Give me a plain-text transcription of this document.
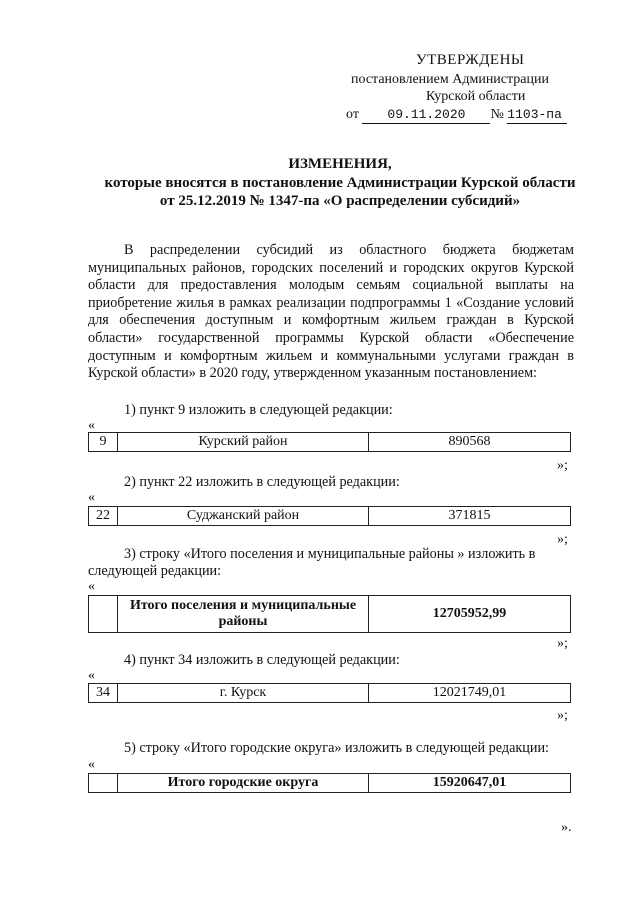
УТВЕРЖДЕНЫ
постановлением Администрации
Курской области
от 09.11.2020 № 1103-па
ИЗМЕНЕНИЯ,
которые вносятся в постановление Администрации Курской области
от 25.12.2019 № 1347-па «О распределении субсидий»
В распределении субсидий из областного бюджета бюджетам муниципальных районов, городских поселений и городских округов Курской области для предоставления молодым семьям социальной выплаты на приобретение жилья в рамках реализации подпрограммы 1 «Создание условий для обеспечения доступным и комфортным жильем граждан в Курской области» государственной программы Курской области «Обеспечение доступным и комфортным жильем и коммунальными услугами граждан в Курской области» в 2020 году, утвержденном указанным постановлением:
1) пункт 9 изложить в следующей редакции:
«
9	Курский район	890568
»;
2) пункт 22 изложить в следующей редакции:
«
22	Суджанский район	371815
»;
3) строку «Итого поселения и муниципальные районы » изложить в
следующей редакции:
«
	Итого поселения и муниципальные районы	12705952,99
»;
4) пункт 34 изложить в следующей редакции:
«
34	г. Курск	12021749,01
»;
5) строку «Итого городские округа» изложить в следующей редакции:
«
	Итого городские округа	15920647,01
».
